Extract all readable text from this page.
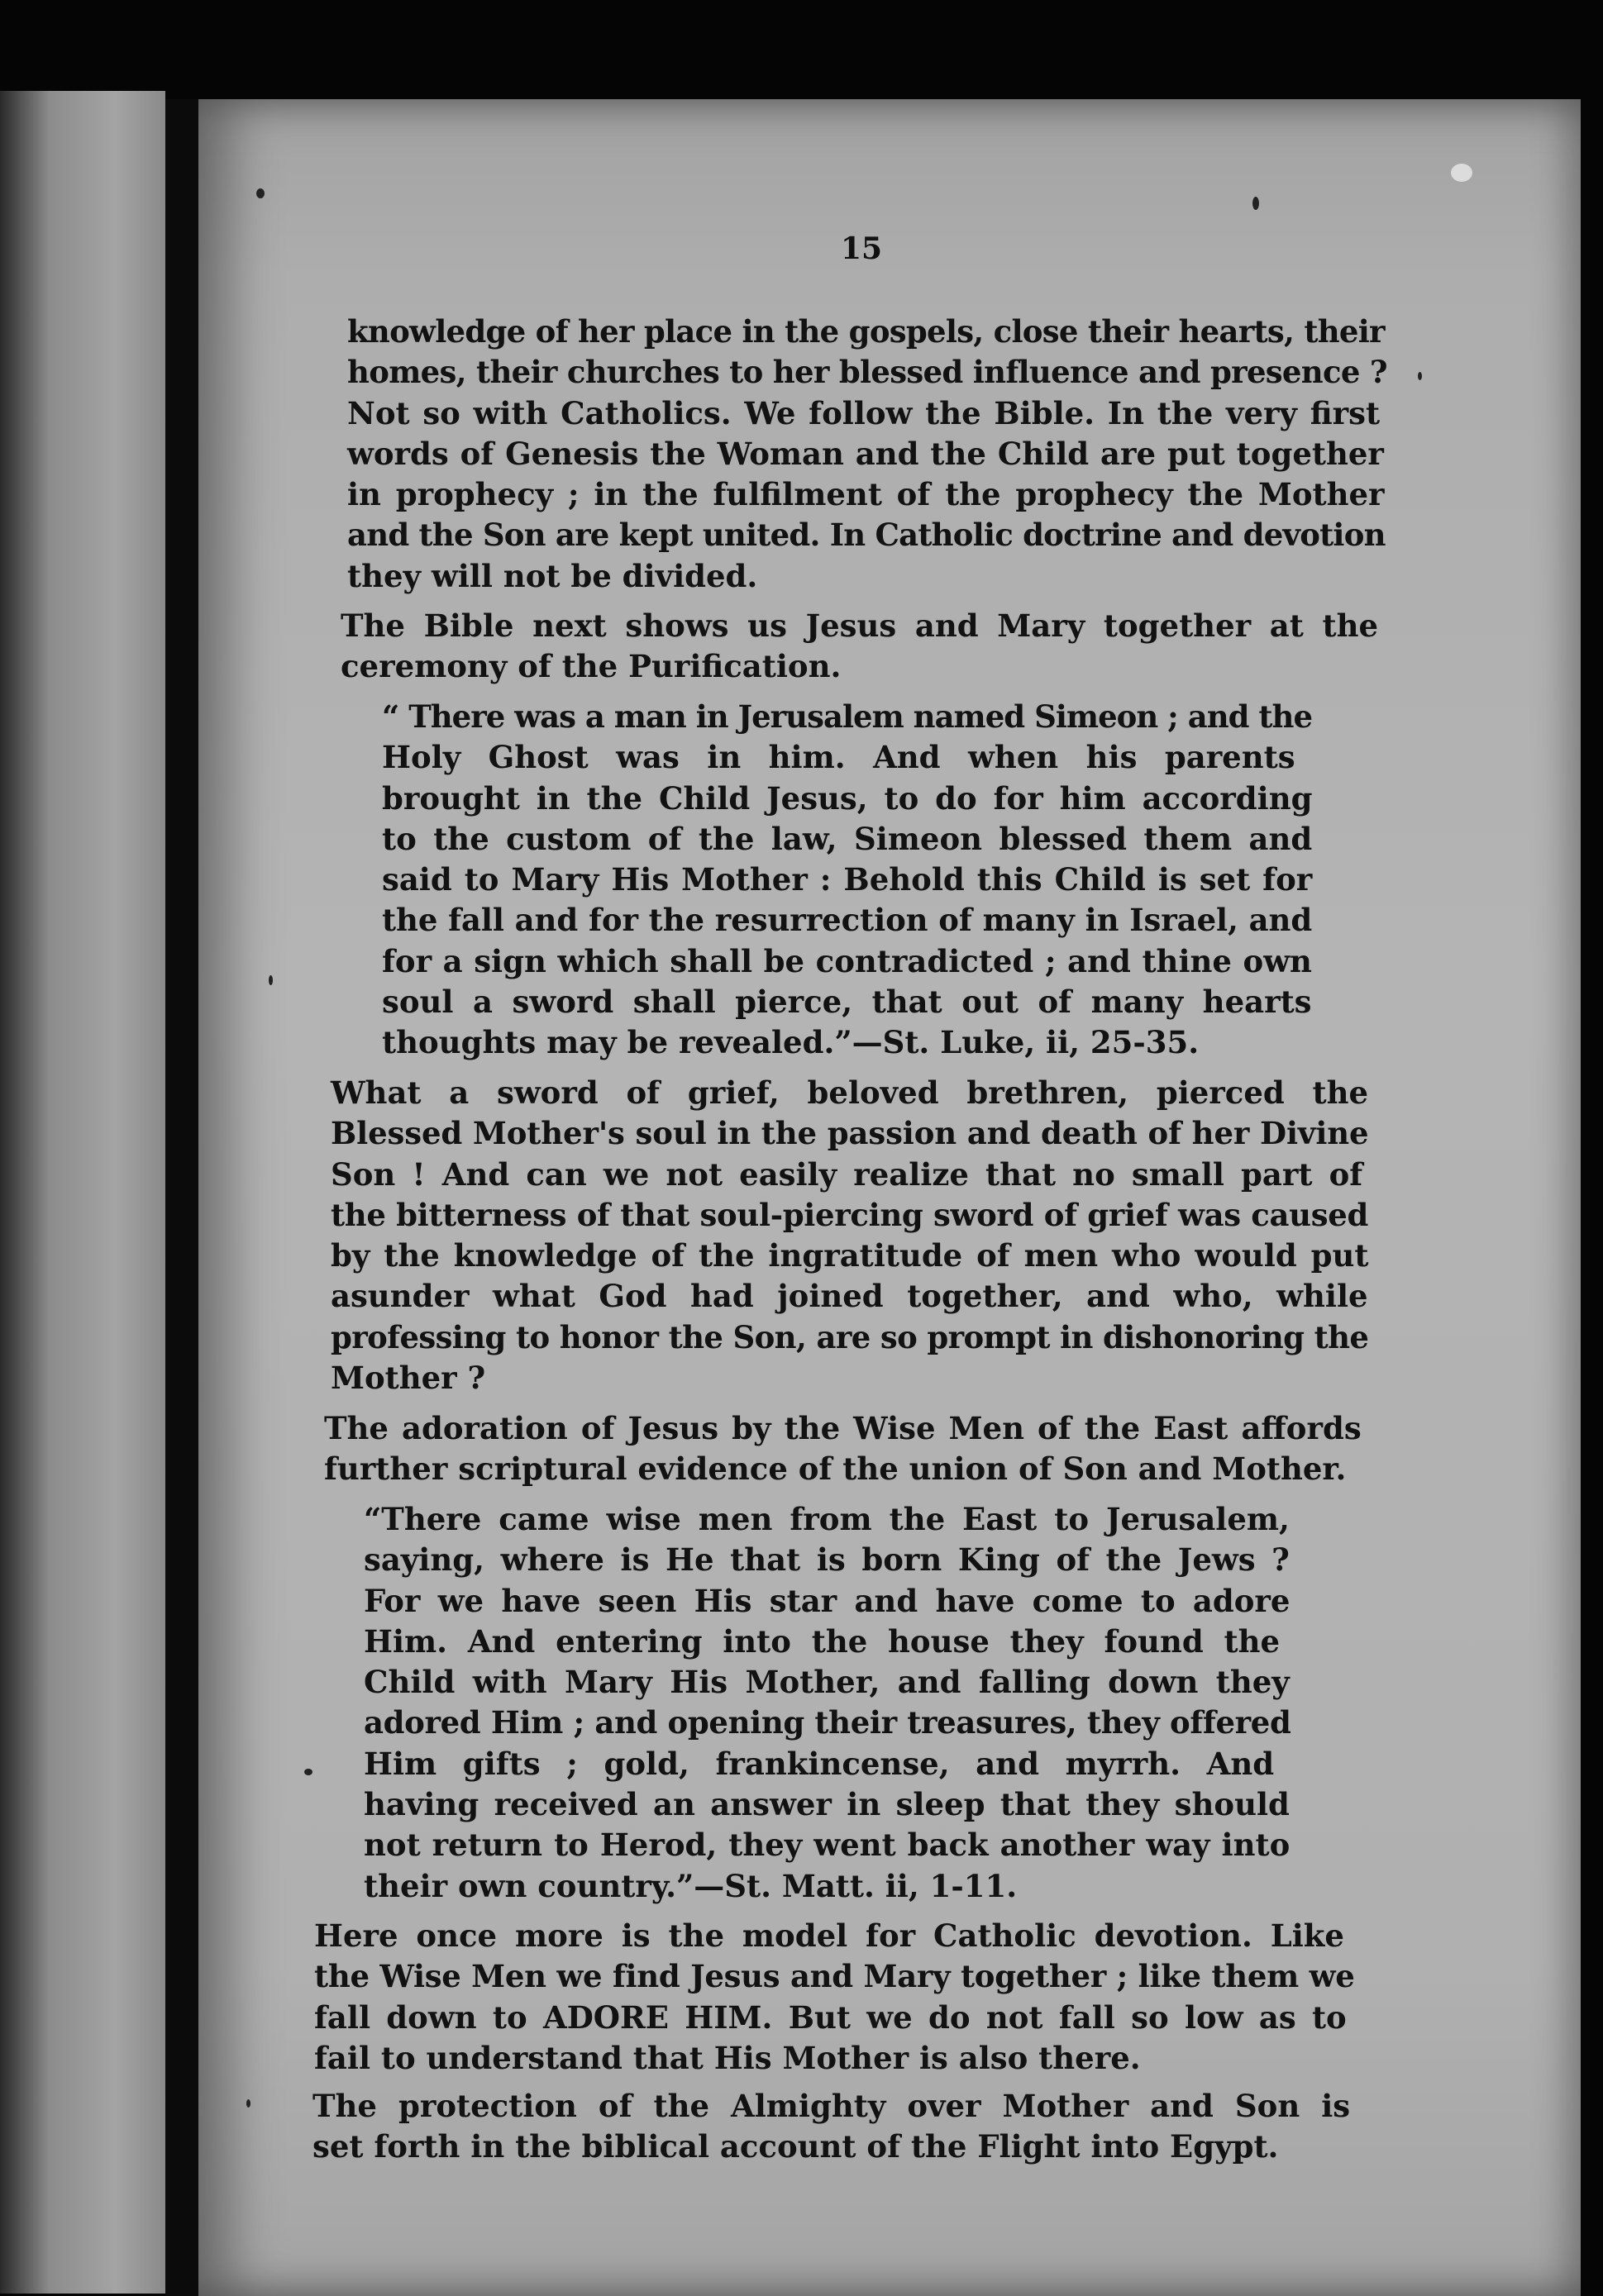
15
knowledge of her place in the gospels, close their hearts, their
homes, their churches to her blessed influence and presence ?
Not so with Catholics. We follow the Bible. In the very first
words of Genesis the Woman and the Child are put together
in prophecy ; in the fulfilment of the prophecy the Mother
and the Son are kept united. In Catholic doctrine and devotion
they will not be divided.
The Bible next shows us Jesus and Mary together at the
ceremony of the Purification.
“ There was a man in Jerusalem named Simeon ; and the
Holy Ghost was in him. And when his parents
brought in the Child Jesus, to do for him according
to the custom of the law, Simeon blessed them and
said to Mary His Mother : Behold this Child is set for
the fall and for the resurrection of many in Israel, and
for a sign which shall be contradicted ; and thine own
soul a sword shall pierce, that out of many hearts
thoughts may be revealed.”—St. Luke, ii, 25-35.
What a sword of grief, beloved brethren, pierced the
Blessed Mother's soul in the passion and death of her Divine
Son ! And can we not easily realize that no small part of
the bitterness of that soul-piercing sword of grief was caused
by the knowledge of the ingratitude of men who would put
asunder what God had joined together, and who, while
professing to honor the Son, are so prompt in dishonoring the
Mother ?
The adoration of Jesus by the Wise Men of the East affords
further scriptural evidence of the union of Son and Mother.
“There came wise men from the East to Jerusalem,
saying, where is He that is born King of the Jews ?
For we have seen His star and have come to adore
Him. And entering into the house they found the
Child with Mary His Mother, and falling down they
adored Him ; and opening their treasures, they offered
Him gifts ; gold, frankincense, and myrrh. And
having received an answer in sleep that they should
not return to Herod, they went back another way into
their own country.”—St. Matt. ii, 1-11.
Here once more is the model for Catholic devotion. Like
the Wise Men we find Jesus and Mary together ; like them we
fall down to ADORE HIM. But we do not fall so low as to
fail to understand that His Mother is also there.
The protection of the Almighty over Mother and Son is
set forth in the biblical account of the Flight into Egypt.
